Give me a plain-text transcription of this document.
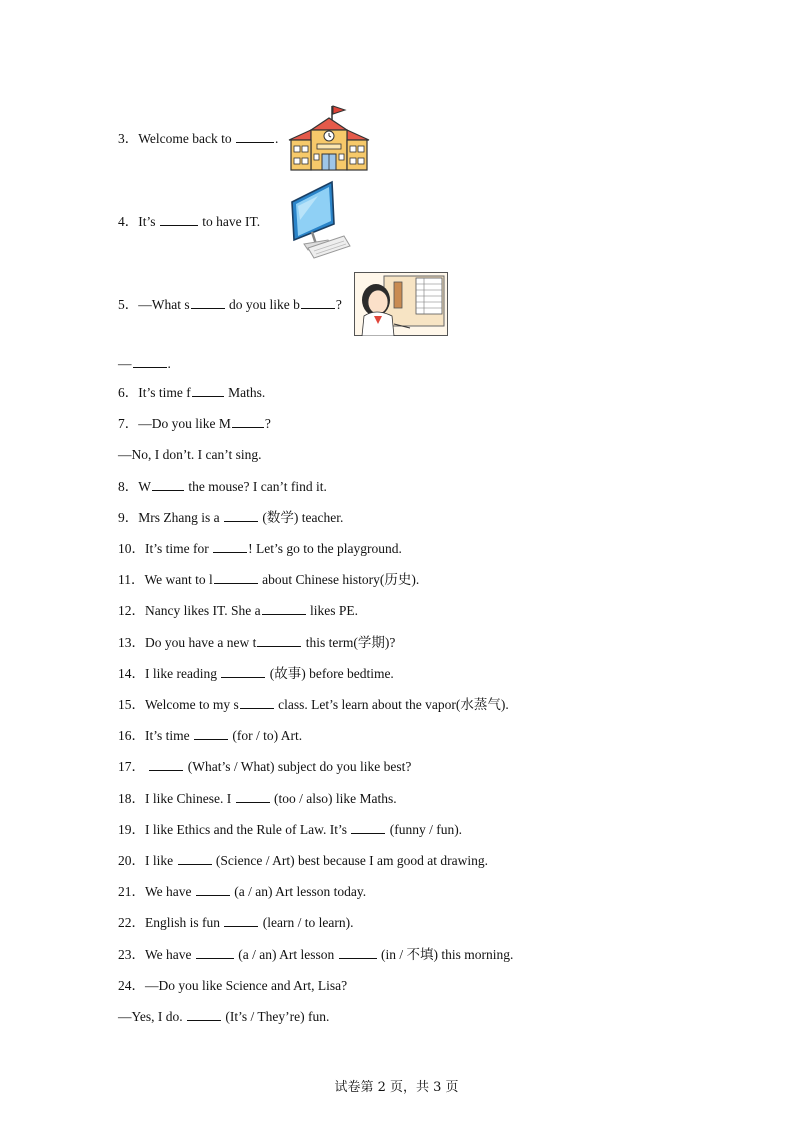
3．Welcome back to	.
4．It’s	to have IT.
5．—What s	do you like b	?
—	.
6．It’s time f	Maths.
7．—Do you like M	?
—No, I don’t. I can’t sing.
8．W	the mouse? I can’t find it.
9．Mrs Zhang is a	(数学) teacher.
10．It’s time for	! Let’s go to the playground.
11．We want to l	about Chinese history(历史).
12．Nancy likes IT. She a	likes PE.
13．Do you have a new t	this term(学期)?
14．I like reading	(故事) before bedtime.
15．Welcome to my s	class. Let’s learn about the vapor(水蒸气).
16．It’s time	(for / to) Art.
17．	(What’s / What) subject do you like best?
18．I like Chinese. I	(too / also) like Maths.
19．I like Ethics and the Rule of Law. It’s	(funny / fun).
20．I like	(Science / Art) best because I am good at drawing.
21．We have	(a / an) Art lesson today.
22．English is fun	(learn / to learn).
23．We have	(a / an) Art lesson	(in / 不填) this morning.
24．—Do you like Science and Art, Lisa?
—Yes, I do.	(It’s / They’re) fun.
试卷第 2 页，共 3 页
